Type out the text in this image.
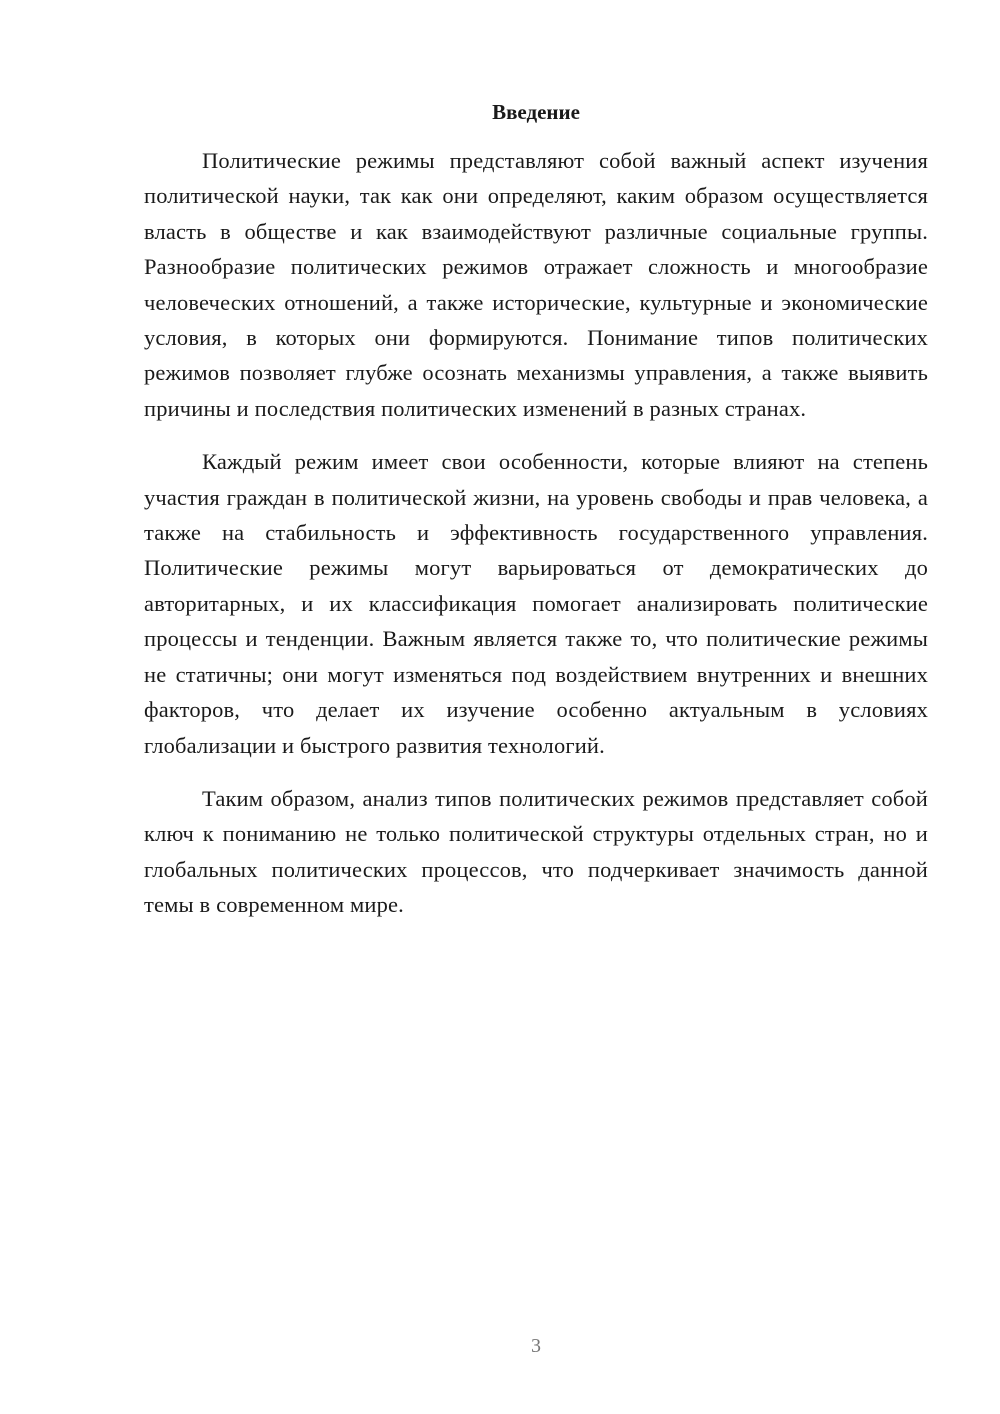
Введение

Политические режимы представляют собой важный аспект изучения политической науки, так как они определяют, каким образом осуществляется власть в обществе и как взаимодействуют различные социальные группы. Разнообразие политических режимов отражает сложность и многообразие человеческих отношений, а также исторические, культурные и экономические условия, в которых они формируются. Понимание типов политических режимов позволяет глубже осознать механизмы управления, а также выявить причины и последствия политических изменений в разных странах.

Каждый режим имеет свои особенности, которые влияют на степень участия граждан в политической жизни, на уровень свободы и прав человека, а также на стабильность и эффективность государственного управления. Политические режимы могут варьироваться от демократических до авторитарных, и их классификация помогает анализировать политические процессы и тенденции. Важным является также то, что политические режимы не статичны; они могут изменяться под воздействием внутренних и внешних факторов, что делает их изучение особенно актуальным в условиях глобализации и быстрого развития технологий.

Таким образом, анализ типов политических режимов представляет собой ключ к пониманию не только политической структуры отдельных стран, но и глобальных политических процессов, что подчеркивает значимость данной темы в современном мире.

3
